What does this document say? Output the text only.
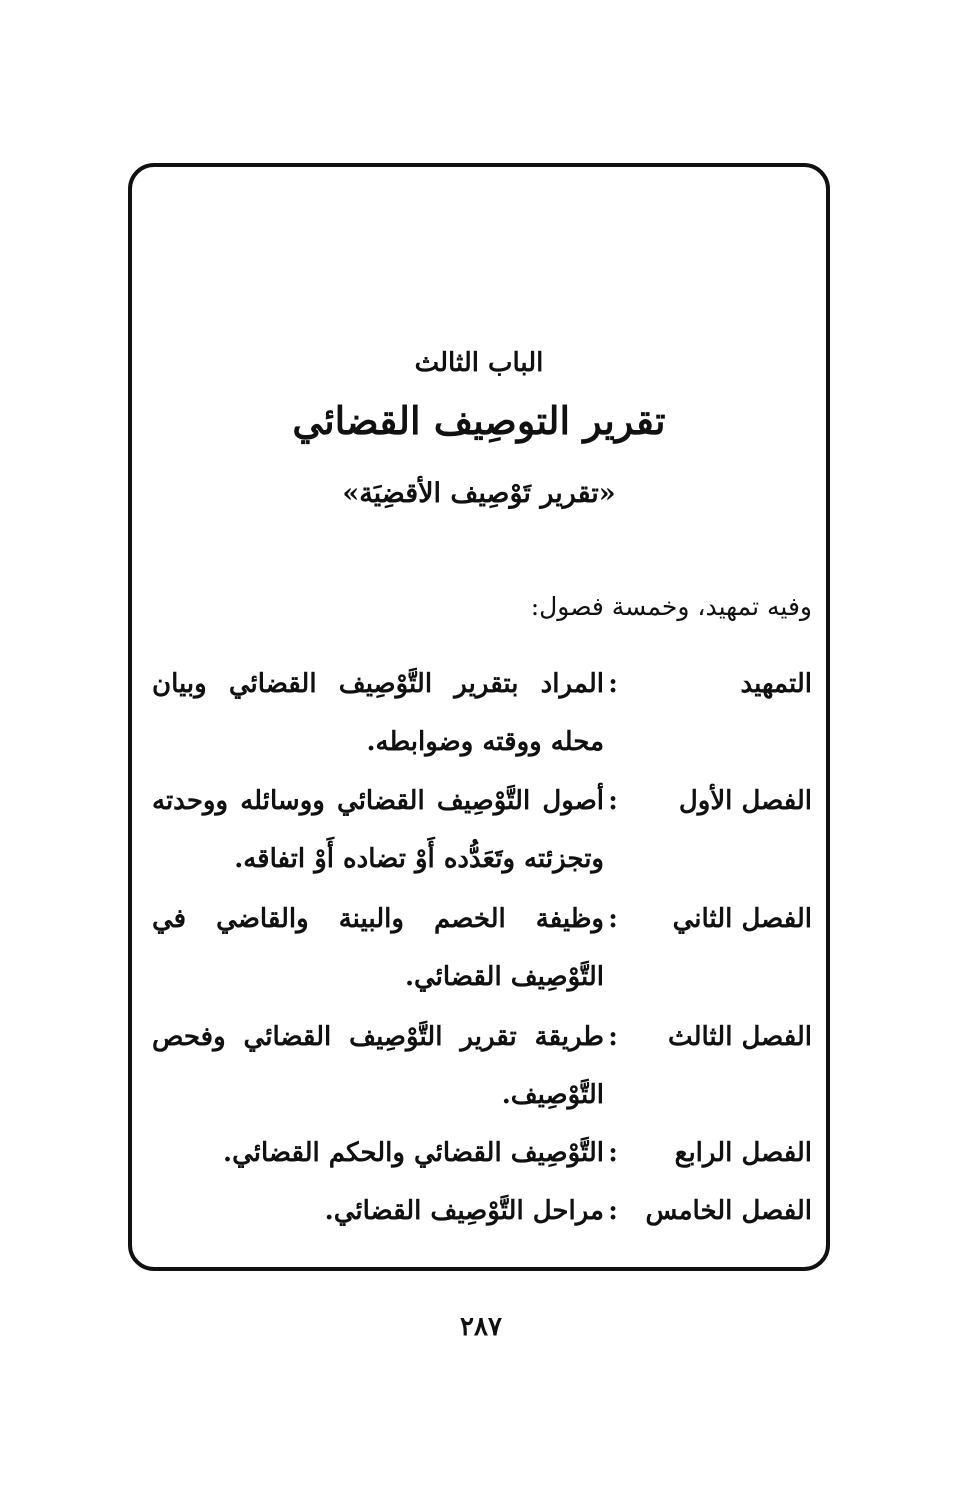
الباب الثالث
تقرير التوصِيف القضائي
«تقرير تَوْصِيف الأقضِيَة»
وفيه تمهيد، وخمسة فصول:
التمهيد
:
المراد بتقرير التَّوْصِيف القضائي وبيان محله ووقته وضوابطه.
الفصل الأول
:
أصول التَّوْصِيف القضائي ووسائله ووحدته وتجزئته وتَعَدُّده أَوْ تضاده أَوْ اتفاقه.
الفصل الثاني
:
وظيفة الخصم والبينة والقاضي في التَّوْصِيف القضائي.
الفصل الثالث
:
طريقة تقرير التَّوْصِيف القضائي وفحص التَّوْصِيف.
الفصل الرابع
:
التَّوْصِيف القضائي والحكم القضائي.
الفصل الخامس
:
مراحل التَّوْصِيف القضائي.
٢٨٧
